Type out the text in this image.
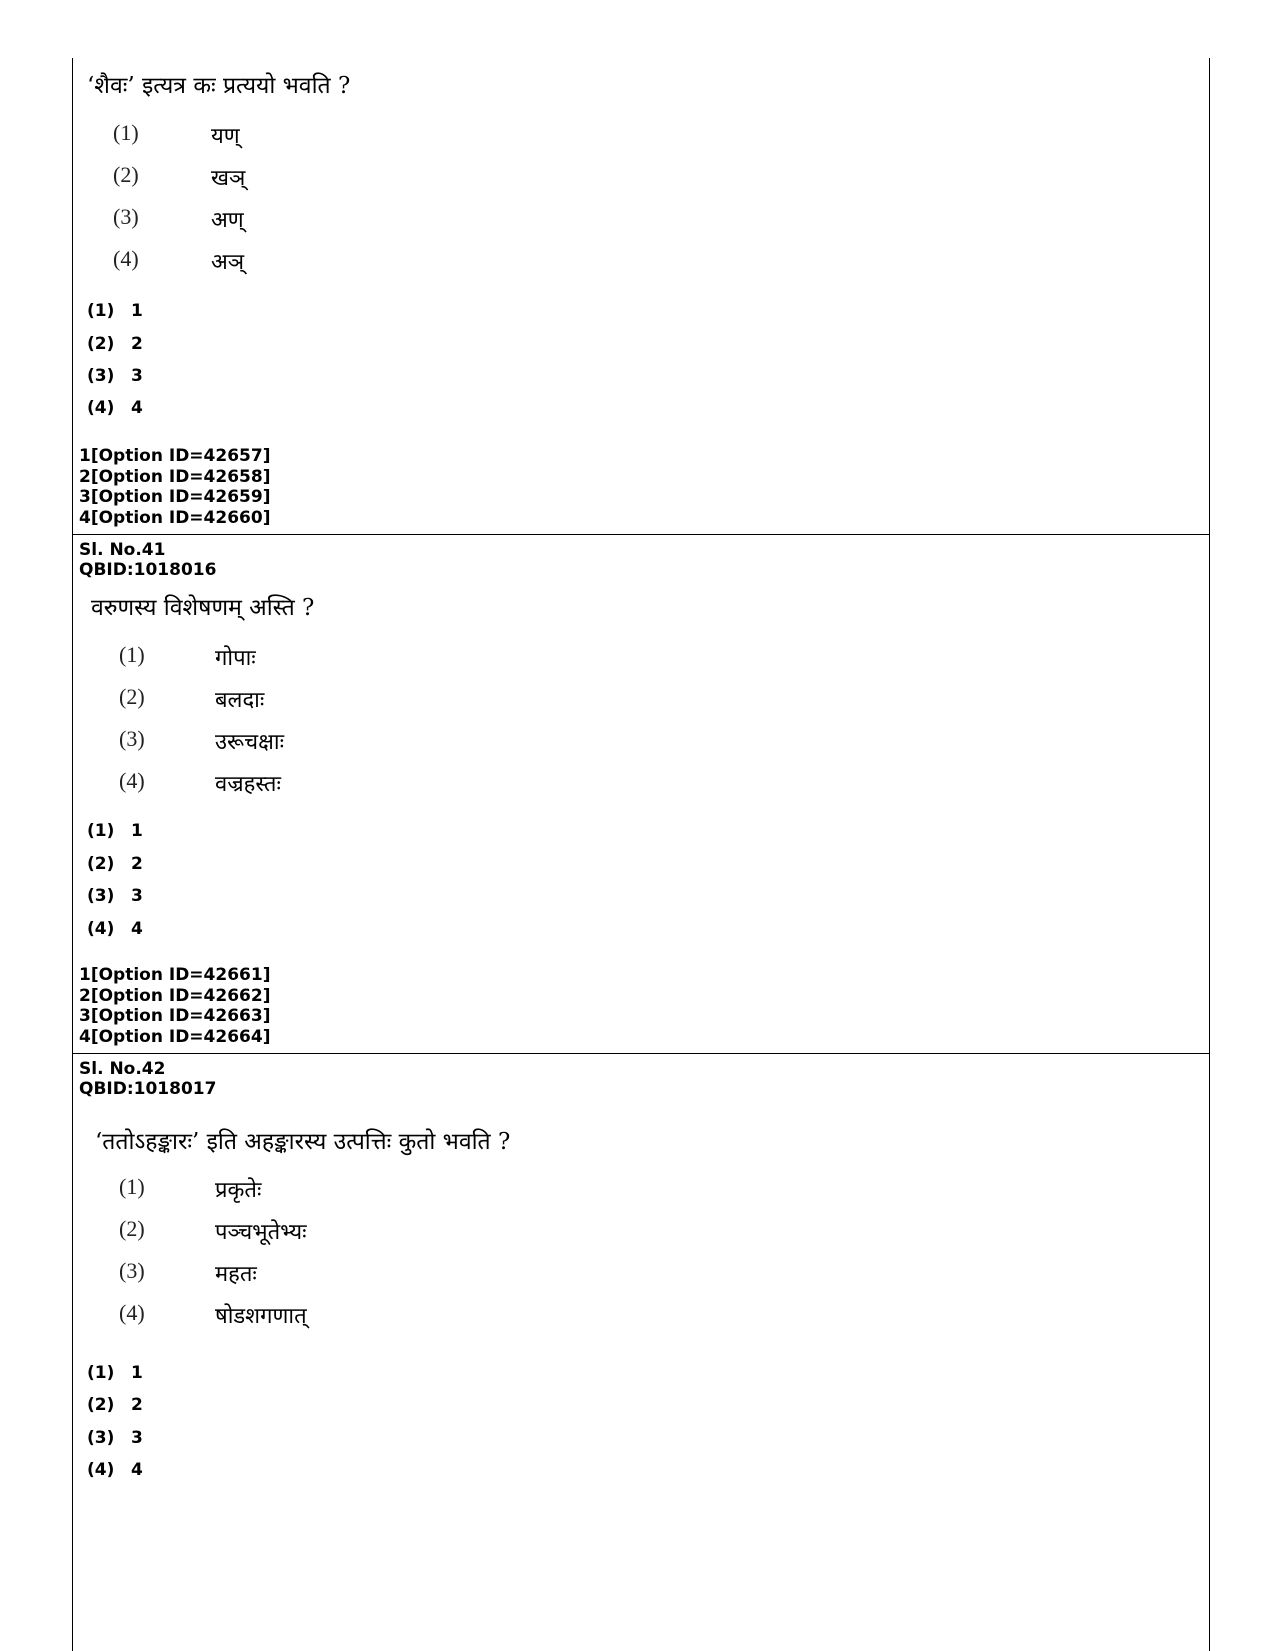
‘शैवः’ इत्यत्र कः प्रत्ययो भवति ?
(1)	यण्
(2)	खञ्
(3)	अण्
(4)	अञ्
(1) 1
(2) 2
(3) 3
(4) 4
1[Option ID=42657]
2[Option ID=42658]
3[Option ID=42659]
4[Option ID=42660]
Sl. No.41
QBID:1018016
वरुणस्य विशेषणम् अस्ति ?
(1)	गोपाः
(2)	बलदाः
(3)	उरूचक्षाः
(4)	वज्रहस्तः
(1) 1
(2) 2
(3) 3
(4) 4
1[Option ID=42661]
2[Option ID=42662]
3[Option ID=42663]
4[Option ID=42664]
Sl. No.42
QBID:1018017
‘ततोऽहङ्कारः’ इति अहङ्कारस्य उत्पत्तिः कुतो भवति ?
(1)	प्रकृतेः
(2)	पञ्चभूतेभ्यः
(3)	महतः
(4)	षोडशगणात्
(1) 1
(2) 2
(3) 3
(4) 4
